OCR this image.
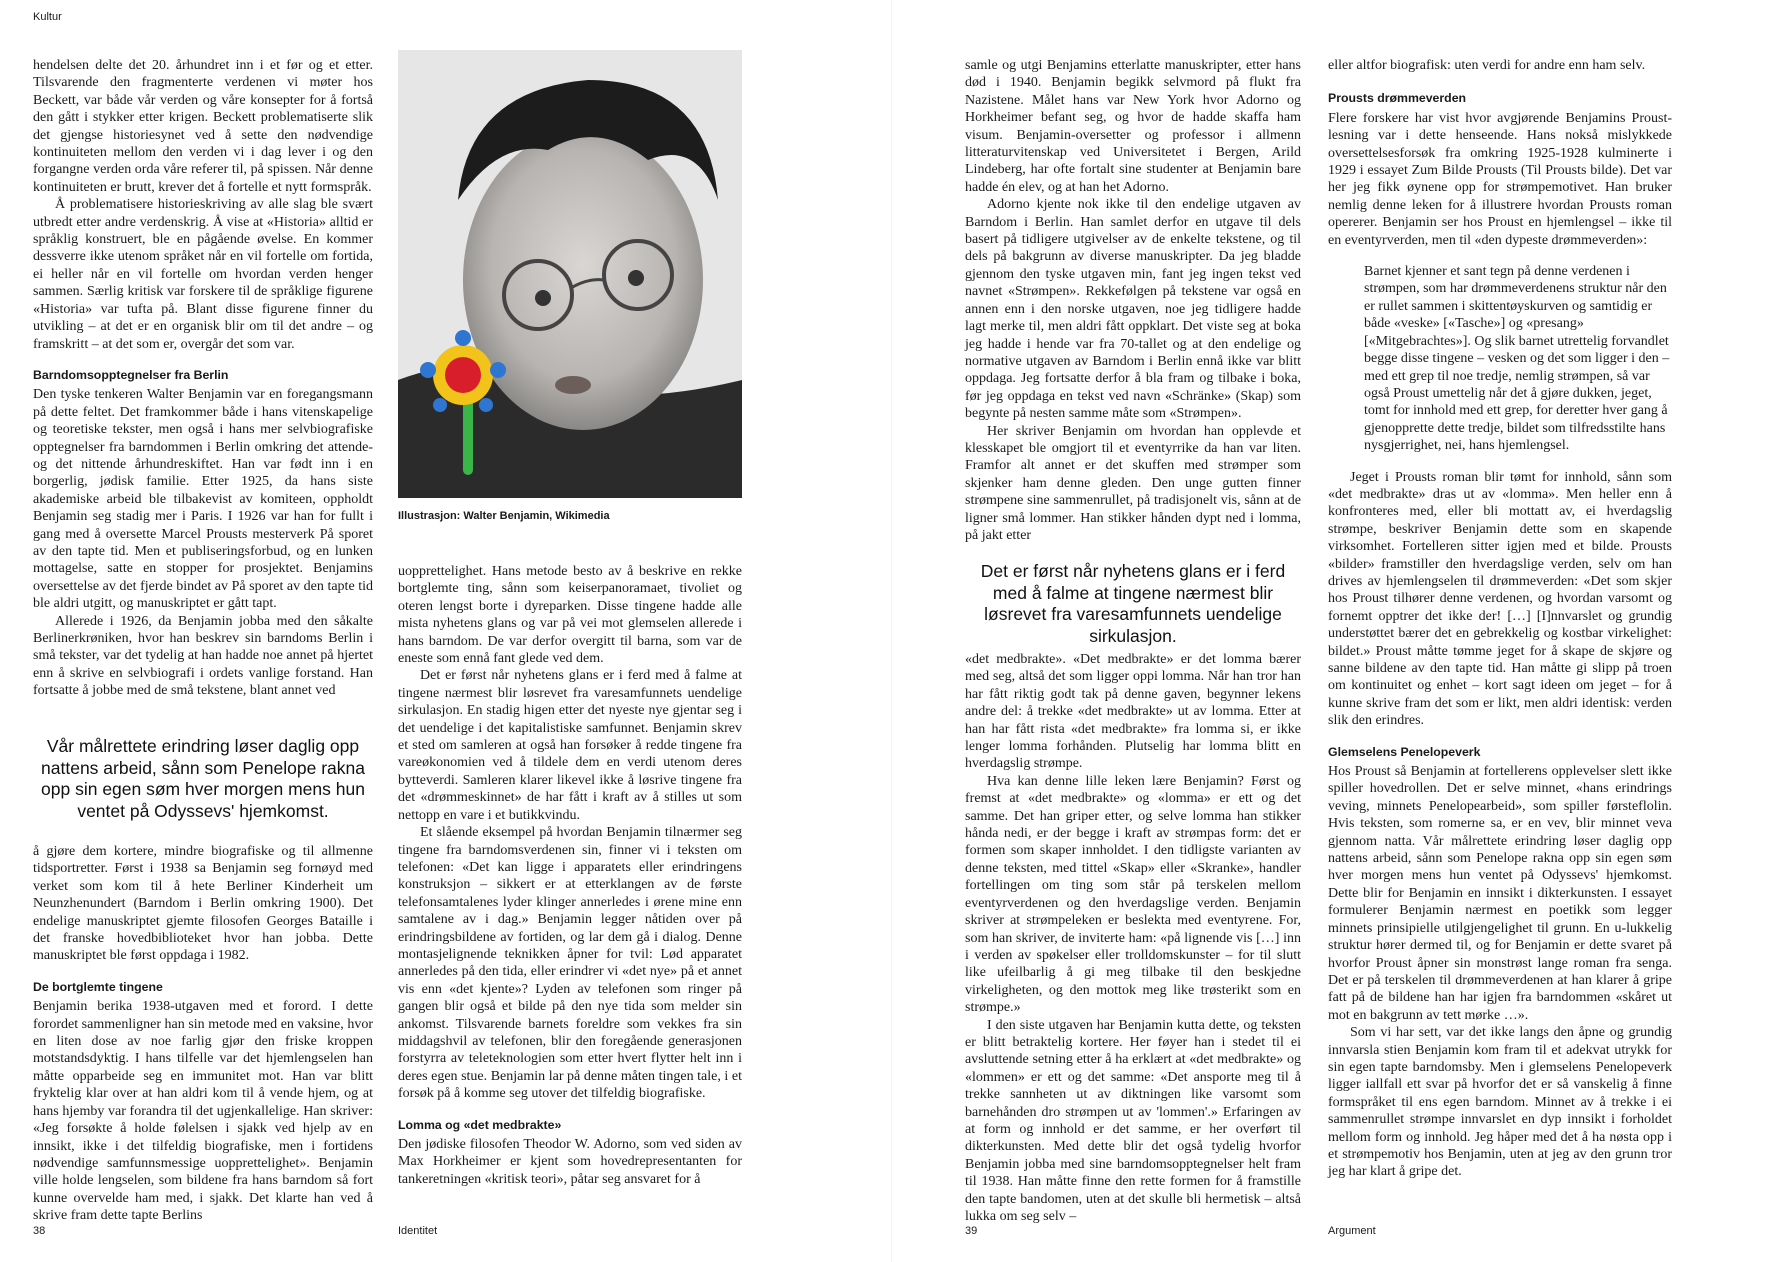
Kultur

hendelsen delte det 20. århundret inn i et før og et etter. Tilsvarende den fragmenterte verdenen vi møter hos Beckett, var både vår verden og våre konsepter for å fortså den gått i stykker etter krigen. Beckett problematiserte slik det gjengse historiesynet ved å sette den nødvendige kontinuiteten mellom den verden vi i dag lever i og den forgangne verden orda våre referer til, på spissen. Når denne kontinuiteten er brutt, krever det å fortelle et nytt formspråk.

Å problematisere historieskriving av alle slag ble svært utbredt etter andre verdenskrig. Å vise at «Historia» alltid er språklig konstruert, ble en pågående øvelse. En kommer dessverre ikke utenom språket når en vil fortelle om fortida, ei heller når en vil fortelle om hvordan verden henger sammen. Særlig kritisk var forskere til de språklige figurene «Historia» var tufta på. Blant disse figurene finner du utvikling – at det er en organisk blir om til det andre – og framskritt – at det som er, overgår det som var.

Barndomsopptegnelser fra Berlin

Den tyske tenkeren Walter Benjamin var en foregangsmann på dette feltet. Det framkommer både i hans vitenskapelige og teoretiske tekster, men også i hans mer selvbiografiske opptegnelser fra barndommen i Berlin omkring det attende- og det nittende århundreskiftet. Han var født inn i en borgerlig, jødisk familie. Etter 1925, da hans siste akademiske arbeid ble tilbakevist av komiteen, oppholdt Benjamin seg stadig mer i Paris. I 1926 var han for fullt i gang med å oversette Marcel Prousts mesterverk På sporet av den tapte tid. Men et publiseringsforbud, og en lunken mottagelse, satte en stopper for prosjektet. Benjamins oversettelse av det fjerde bindet av På sporet av den tapte tid ble aldri utgitt, og manuskriptet er gått tapt.

Allerede i 1926, da Benjamin jobba med den såkalte Berlinerkrøniken, hvor han beskrev sin barndoms Berlin i små tekster, var det tydelig at han hadde noe annet på hjertet enn å skrive en selvbiografi i ordets vanlige forstand. Han fortsatte å jobbe med de små tekstene, blant annet ved

Vår målrettete erindring løser daglig opp nattens arbeid, sånn som Penelope rakna opp sin egen søm hver morgen mens hun ventet på Odyssevs' hjemkomst.

å gjøre dem kortere, mindre biografiske og til allmenne tidsportretter. Først i 1938 sa Benjamin seg fornøyd med verket som kom til å hete Berliner Kinderheit um Neunzhenundert (Barndom i Berlin omkring 1900). Det endelige manuskriptet gjemte filosofen Georges Bataille i det franske hovedbiblioteket hvor han jobba. Dette manuskriptet ble først oppdaga i 1982.

De bortglemte tingene

Benjamin berika 1938-utgaven med et forord. I dette forordet sammenligner han sin metode med en vaksine, hvor en liten dose av noe farlig gjør den friske kroppen motstandsdyktig. I hans tilfelle var det hjemlengselen han måtte opparbeide seg en immunitet mot. Han var blitt fryktelig klar over at han aldri kom til å vende hjem, og at hans hjemby var forandra til det ugjenkallelige. Han skriver: «Jeg forsøkte å holde følelsen i sjakk ved hjelp av en innsikt, ikke i det tilfeldig biografiske, men i fortidens nødvendige samfunnsmessige uopprettelighet». Benjamin ville holde lengselen, som bildene fra hans barndom så fort kunne overvelde ham med, i sjakk. Det klarte han ved å skrive fram dette tapte Berlins

Illustrasjon: Walter Benjamin, Wikimedia

uopprettelighet. Hans metode besto av å beskrive en rekke bortglemte ting, sånn som keiserpanoramaet, tivoliet og oteren lengst borte i dyreparken. Disse tingene hadde alle mista nyhetens glans og var på vei mot glemselen allerede i hans barndom. De var derfor overgitt til barna, som var de eneste som ennå fant glede ved dem.

Det er først når nyhetens glans er i ferd med å falme at tingene nærmest blir løsrevet fra varesamfunnets uendelige sirkulasjon. En stadig higen etter det nyeste nye gjentar seg i det uendelige i det kapitalistiske samfunnet. Benjamin skrev et sted om samleren at også han forsøker å redde tingene fra vareøkonomien ved å tildele dem en verdi utenom deres bytteverdi. Samleren klarer likevel ikke å løsrive tingene fra det «drømmeskinnet» de har fått i kraft av å stilles ut som nettopp en vare i et butikkvindu.

Et slående eksempel på hvordan Benjamin tilnærmer seg tingene fra barndomsverdenen sin, finner vi i teksten om telefonen: «Det kan ligge i apparatets eller erindringens konstruksjon – sikkert er at etterklangen av de første telefonsamtalenes lyder klinger annerledes i ørene mine enn samtalene av i dag.» Benjamin legger nåtiden over på erindringsbildene av fortiden, og lar dem gå i dialog. Denne montasjelignende teknikken åpner for tvil: Lød apparatet annerledes på den tida, eller erindrer vi «det nye» på et annet vis enn «det kjente»? Lyden av telefonen som ringer på gangen blir også et bilde på den nye tida som melder sin ankomst. Tilsvarende barnets foreldre som vekkes fra sin middagshvil av telefonen, blir den foregående generasjonen forstyrra av teleteknologien som etter hvert flytter helt inn i deres egen stue. Benjamin lar på denne måten tingen tale, i et forsøk på å komme seg utover det tilfeldig biografiske.

Lomma og «det medbrakte»

Den jødiske filosofen Theodor W. Adorno, som ved siden av Max Horkheimer er kjent som hovedrepresentanten for tankeretningen «kritisk teori», påtar seg ansvaret for å

38	Identitet

samle og utgi Benjamins etterlatte manuskripter, etter hans død i 1940. Benjamin begikk selvmord på flukt fra Nazistene. Målet hans var New York hvor Adorno og Horkheimer befant seg, og hvor de hadde skaffa ham visum. Benjamin-oversetter og professor i allmenn litteraturvitenskap ved Universitetet i Bergen, Arild Lindeberg, har ofte fortalt sine studenter at Benjamin bare hadde én elev, og at han het Adorno.

Adorno kjente nok ikke til den endelige utgaven av Barndom i Berlin. Han samlet derfor en utgave til dels basert på tidligere utgivelser av de enkelte tekstene, og til dels på bakgrunn av diverse manuskripter. Da jeg bladde gjennom den tyske utgaven min, fant jeg ingen tekst ved navnet «Strømpen». Rekkefølgen på tekstene var også en annen enn i den norske utgaven, noe jeg tidligere hadde lagt merke til, men aldri fått oppklart. Det viste seg at boka jeg hadde i hende var fra 70-tallet og at den endelige og normative utgaven av Barndom i Berlin ennå ikke var blitt oppdaga. Jeg fortsatte derfor å bla fram og tilbake i boka, før jeg oppdaga en tekst ved navn «Schränke» (Skap) som begynte på nesten samme måte som «Strømpen».

Her skriver Benjamin om hvordan han opplevde et klesskapet ble omgjort til et eventyrrike da han var liten. Framfor alt annet er det skuffen med strømper som skjenker ham denne gleden. Den unge gutten finner strømpene sine sammenrullet, på tradisjonelt vis, sånn at de ligner små lommer. Han stikker hånden dypt ned i lomma, på jakt etter

Det er først når nyhetens glans er i ferd med å falme at tingene nærmest blir løsrevet fra varesamfunnets uendelige sirkulasjon.

«det medbrakte». «Det medbrakte» er det lomma bærer med seg, altså det som ligger oppi lomma. Når han tror han har fått riktig godt tak på denne gaven, begynner lekens andre del: å trekke «det medbrakte» ut av lomma. Etter at han har fått rista «det medbrakte» fra lomma si, er ikke lenger lomma forhånden. Plutselig har lomma blitt en hverdagslig strømpe.

Hva kan denne lille leken lære Benjamin? Først og fremst at «det medbrakte» og «lomma» er ett og det samme. Det han griper etter, og selve lomma han stikker hånda nedi, er der begge i kraft av strømpas form: det er formen som skaper innholdet. I den tidligste varianten av denne teksten, med tittel «Skap» eller «Skranke», handler fortellingen om ting som står på terskelen mellom eventyrverdenen og den hverdagslige verden. Benjamin skriver at strømpeleken er beslekta med eventyrene. For, som han skriver, de inviterte ham: «på lignende vis […] inn i verden av spøkelser eller trolldomskunster – for til slutt like ufeilbarlig å gi meg tilbake til den beskjedne virkeligheten, og den mottok meg like trøsterikt som en strømpe.»

I den siste utgaven har Benjamin kutta dette, og teksten er blitt betraktelig kortere. Her føyer han i stedet til ei avsluttende setning etter å ha erklært at «det medbrakte» og «lommen» er ett og det samme: «Det ansporte meg til å trekke sannheten ut av diktningen like varsomt som barnehånden dro strømpen ut av 'lommen'.» Erfaringen av at form og innhold er det samme, er her overført til dikterkunsten. Med dette blir det også tydelig hvorfor Benjamin jobba med sine barndomsopptegnelser helt fram til 1938. Han måtte finne den rette formen for å framstille den tapte bandomen, uten at det skulle bli hermetisk – altså lukka om seg selv –

eller altfor biografisk: uten verdi for andre enn ham selv.

Prousts drømmeverden

Flere forskere har vist hvor avgjørende Benjamins Proust-lesning var i dette henseende. Hans nokså mislykkede oversettelsesforsøk fra omkring 1925-1928 kulminerte i 1929 i essayet Zum Bilde Prousts (Til Prousts bilde). Det var her jeg fikk øynene opp for strømpemotivet. Han bruker nemlig denne leken for å illustrere hvordan Prousts roman opererer. Benjamin ser hos Proust en hjemlengsel – ikke til en eventyrverden, men til «den dypeste drømmeverden»:

Barnet kjenner et sant tegn på denne verdenen i strømpen, som har drømmeverdenens struktur når den er rullet sammen i skittentøyskurven og samtidig er både «veske» [«Tasche»] og «presang» [«Mitgebrachtes»]. Og slik barnet utrettelig forvandlet begge disse tingene – vesken og det som ligger i den – med ett grep til noe tredje, nemlig strømpen, så var også Proust umettelig når det å gjøre dukken, jeget, tomt for innhold med ett grep, for deretter hver gang å gjenopprette dette tredje, bildet som tilfredsstilte hans nysgjerrighet, nei, hans hjemlengsel.

Jeget i Prousts roman blir tømt for innhold, sånn som «det medbrakte» dras ut av «lomma». Men heller enn å konfronteres med, eller bli mottatt av, ei hverdagslig strømpe, beskriver Benjamin dette som en skapende virksomhet. Fortelleren sitter igjen med et bilde. Prousts «bilder» framstiller den hverdagslige verden, selv om han drives av hjemlengselen til drømmeverden: «Det som skjer hos Proust tilhører denne verdenen, og hvordan varsomt og fornemt opptrer det ikke der! […] [I]nnvarslet og grundig understøttet bærer det en gebrekkelig og kostbar virkelighet: bildet.» Proust måtte tømme jeget for å skape de skjøre og sanne bildene av den tapte tid. Han måtte gi slipp på troen om kontinuitet og enhet – kort sagt ideen om jeget – for å kunne skrive fram det som er likt, men aldri identisk: verden slik den erindres.

Glemselens Penelopeverk

Hos Proust så Benjamin at fortellerens opplevelser slett ikke spiller hovedrollen. Det er selve minnet, «hans erindrings veving, minnets Penelopearbeid», som spiller førsteflolin. Hvis teksten, som romerne sa, er en vev, blir minnet veva gjennom natta. Vår målrettete erindring løser daglig opp nattens arbeid, sånn som Penelope rakna opp sin egen søm hver morgen mens hun ventet på Odyssevs' hjemkomst. Dette blir for Benjamin en innsikt i dikterkunsten. I essayet formulerer Benjamin nærmest en poetikk som legger minnets prinsipielle utilgjengelighet til grunn. En u-lukkelig struktur hører dermed til, og for Benjamin er dette svaret på hvorfor Proust åpner sin monstrøst lange roman fra senga. Det er på terskelen til drømmeverdenen at han klarer å gripe fatt på de bildene han har igjen fra barndommen «skåret ut mot en bakgrunn av tett mørke …».

Som vi har sett, var det ikke langs den åpne og grundig innvarsla stien Benjamin kom fram til et adekvat utrykk for sin egen tapte barndomsby. Men i glemselens Penelopeverk ligger iallfall ett svar på hvorfor det er så vanskelig å finne formspråket til ens egen barndom. Minnet av å trekke i ei sammenrullet strømpe innvarslet en dyp innsikt i forholdet mellom form og innhold. Jeg håper med det å ha nøsta opp i et strømpemotiv hos Benjamin, uten at jeg av den grunn tror jeg har klart å gripe det.

39	Argument
